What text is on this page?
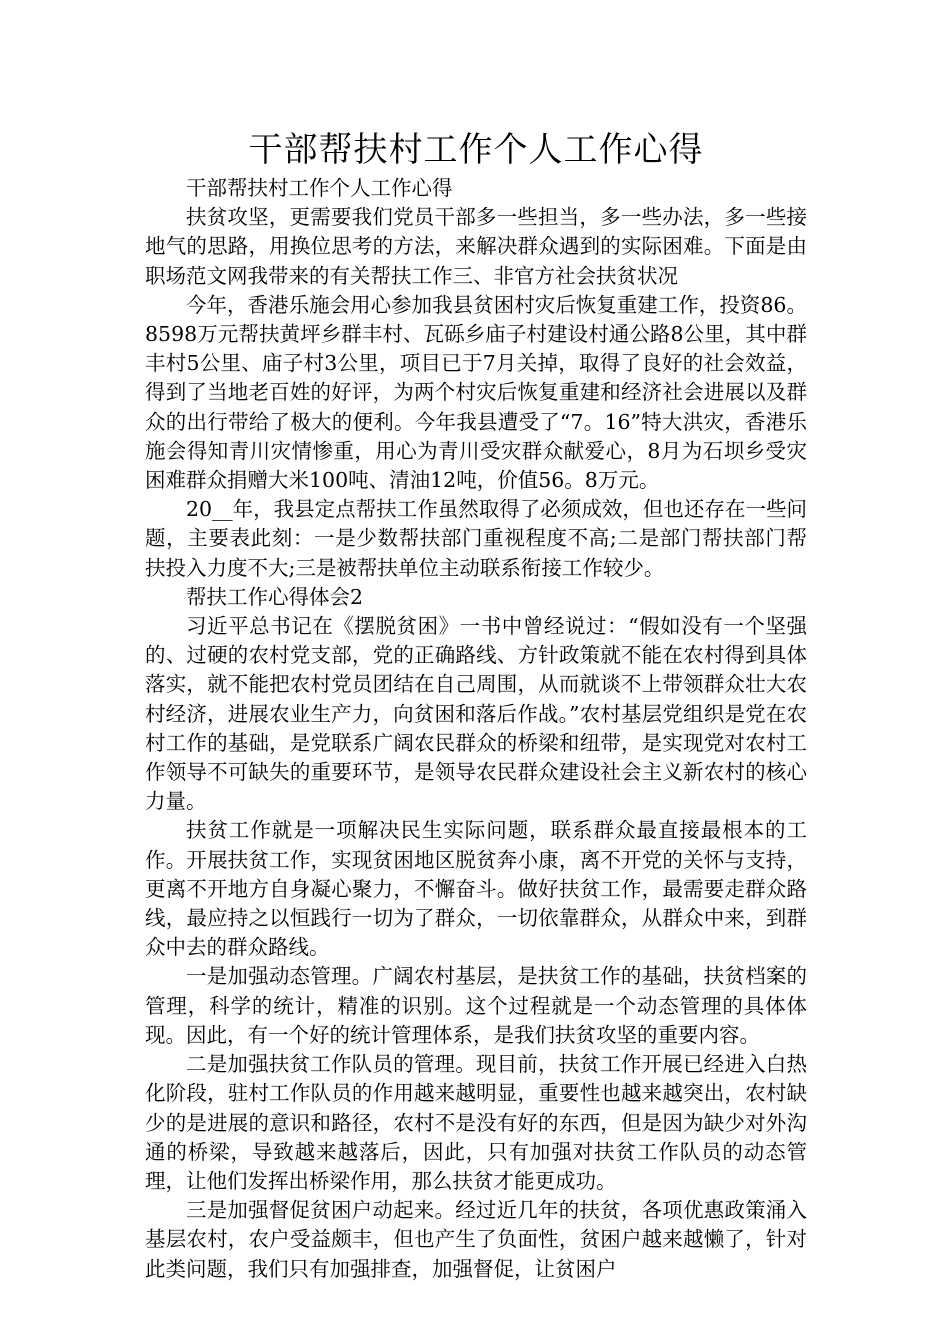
干部帮扶村工作个人工作心得

干部帮扶村工作个人工作心得

扶贫攻坚，更需要我们党员干部多一些担当，多一些办法，多一些接地气的思路，用换位思考的方法，来解决群众遇到的实际困难。下面是由职场范文网我带来的有关帮扶工作三、非官方社会扶贫状况

今年，香港乐施会用心参加我县贫困村灾后恢复重建工作，投资86。8598万元帮扶黄坪乡群丰村、瓦砾乡庙子村建设村通公路8公里，其中群丰村5公里、庙子村3公里，项目已于7月关掉，取得了良好的社会效益，得到了当地老百姓的好评，为两个村灾后恢复重建和经济社会进展以及群众的出行带给了极大的便利。今年我县遭受了“7。16”特大洪灾，香港乐施会得知青川灾情惨重，用心为青川受灾群众献爱心，8月为石坝乡受灾困难群众捐赠大米100吨、清油12吨，价值56。8万元。

20__年，我县定点帮扶工作虽然取得了必须成效，但也还存在一些问题，主要表此刻：一是少数帮扶部门重视程度不高;二是部门帮扶部门帮扶投入力度不大;三是被帮扶单位主动联系衔接工作较少。

帮扶工作心得体会2

习近平总书记在《摆脱贫困》一书中曾经说过：“假如没有一个坚强的、过硬的农村党支部，党的正确路线、方针政策就不能在农村得到具体落实，就不能把农村党员团结在自己周围，从而就谈不上带领群众壮大农村经济，进展农业生产力，向贫困和落后作战。”农村基层党组织是党在农村工作的基础，是党联系广阔农民群众的桥梁和纽带，是实现党对农村工作领导不可缺失的重要环节，是领导农民群众建设社会主义新农村的核心力量。

扶贫工作就是一项解决民生实际问题，联系群众最直接最根本的工作。开展扶贫工作，实现贫困地区脱贫奔小康，离不开党的关怀与支持，更离不开地方自身凝心聚力，不懈奋斗。做好扶贫工作，最需要走群众路线，最应持之以恒践行一切为了群众，一切依靠群众，从群众中来，到群众中去的群众路线。

一是加强动态管理。广阔农村基层，是扶贫工作的基础，扶贫档案的管理，科学的统计，精准的识别。这个过程就是一个动态管理的具体体现。因此，有一个好的统计管理体系，是我们扶贫攻坚的重要内容。

二是加强扶贫工作队员的管理。现目前，扶贫工作开展已经进入白热化阶段，驻村工作队员的作用越来越明显，重要性也越来越突出，农村缺少的是进展的意识和路径，农村不是没有好的东西，但是因为缺少对外沟通的桥梁，导致越来越落后，因此，只有加强对扶贫工作队员的动态管理，让他们发挥出桥梁作用，那么扶贫才能更成功。

三是加强督促贫困户动起来。经过近几年的扶贫，各项优惠政策涌入基层农村，农户受益颇丰，但也产生了负面性，贫困户越来越懒了，针对此类问题，我们只有加强排查，加强督促，让贫困户
